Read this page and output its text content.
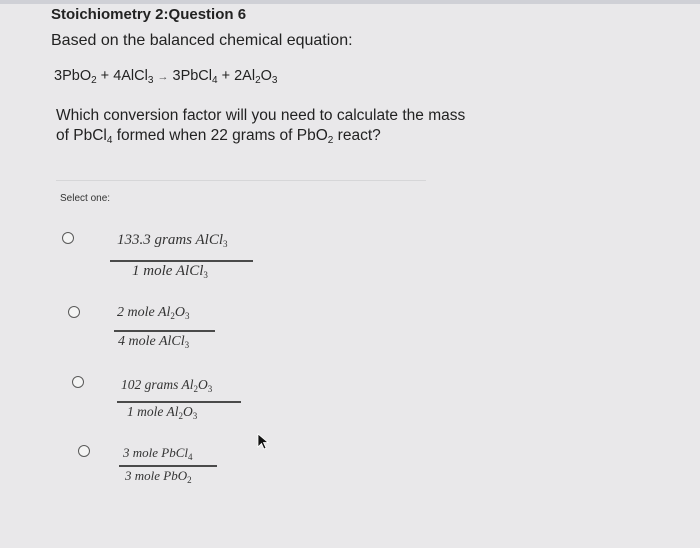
Stoichiometry 2:Question 6
Based on the balanced chemical equation:
3PbO$_2$ + 4AlCl$_3$ → 3PbCl$_4$ + $2Al_2O_3$
Which conversion factor will you need to calculate the mass
of PbCl$_4$ formed when 22 grams of PbO$_2$ react?
Select one:
133.3 grams AlCl$_3$
1 mole AlCl$_3$
2 mole $Al_2O_3$
4 mole AlCl$_3$
102 grams $Al_2O_3$
1 mole $Al_2O_3$
3 mole PbCl$_4$
3 mole PbO$_2$
